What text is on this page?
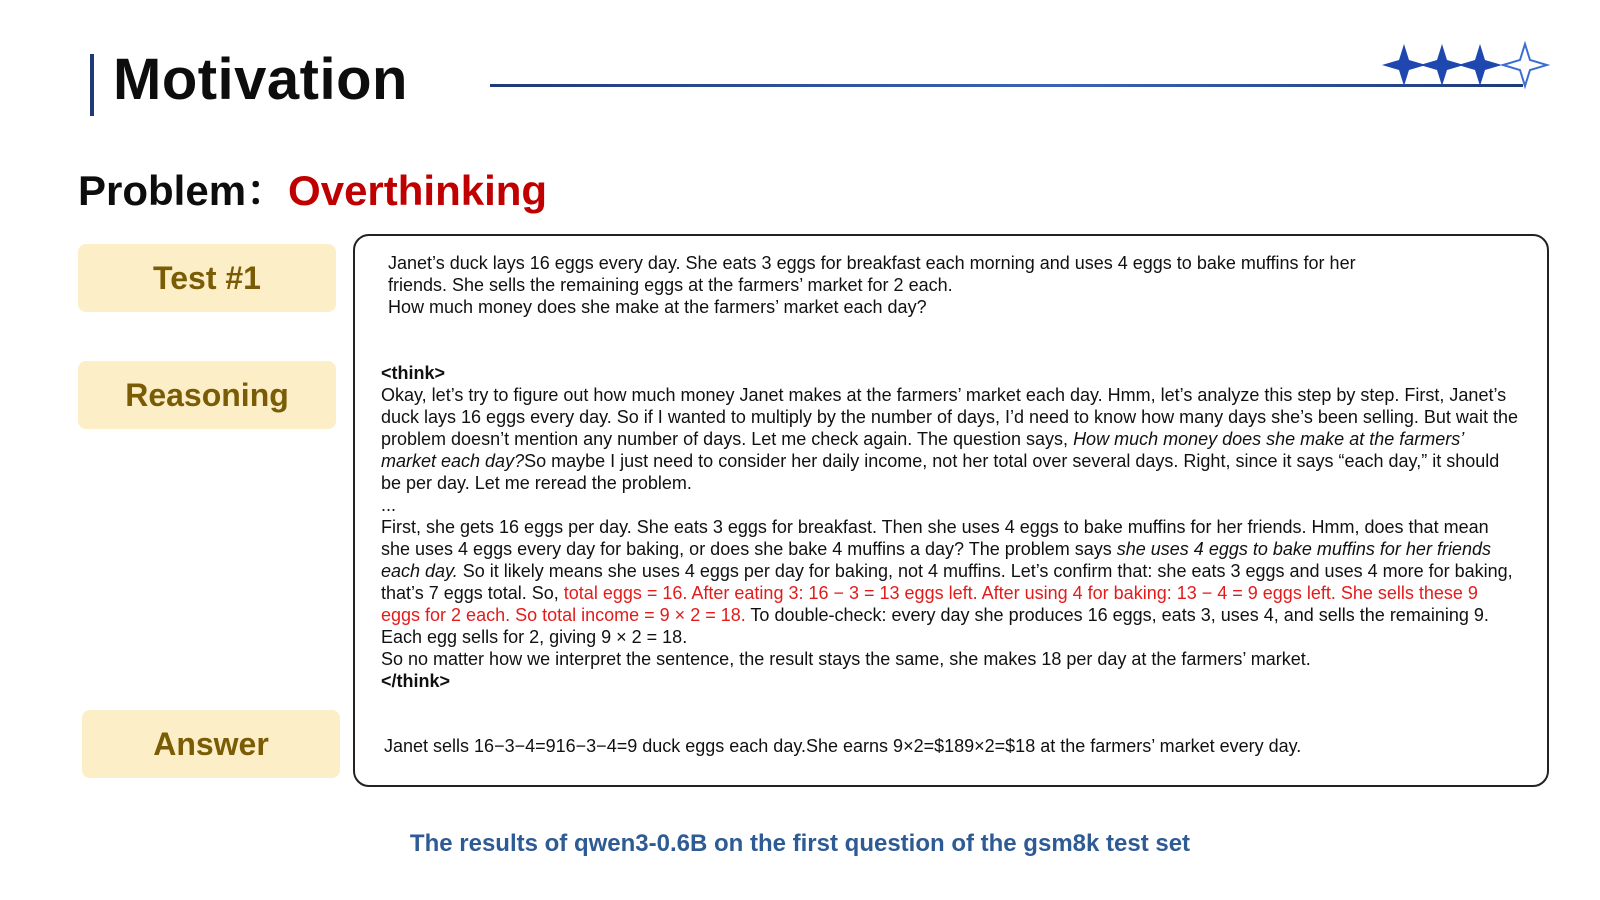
Motivation
Problem：Overthinking
Test #1
Reasoning
Answer
Janet’s duck lays 16 eggs every day. She eats 3 eggs for breakfast each morning and uses 4 eggs to bake muffins for her
friends. She sells the remaining eggs at the farmers’ market for 2 each.
How much money does she make at the farmers’ market each day?
<think>
Okay, let’s try to figure out how much money Janet makes at the farmers’ market each day. Hmm, let’s analyze this step by step. First, Janet’s duck lays 16 eggs every day. So if I wanted to multiply by the number of days, I’d need to know how many days she’s been selling. But wait the problem doesn’t mention any number of days. Let me check again. The question says, How much money does she make at the farmers’ market each day?So maybe I just need to consider her daily income, not her total over several days. Right, since it says “each day,” it should be per day. Let me reread the problem.
...
First, she gets 16 eggs per day. She eats 3 eggs for breakfast. Then she uses 4 eggs to bake muffins for her friends. Hmm, does that mean she uses 4 eggs every day for baking, or does she bake 4 muffins a day? The problem says she uses 4 eggs to bake muffins for her friends each day. So it likely means she uses 4 eggs per day for baking, not 4 muffins. Let’s confirm that: she eats 3 eggs and uses 4 more for baking, that’s 7 eggs total. So, total eggs = 16. After eating 3: 16 − 3 = 13 eggs left. After using 4 for baking: 13 − 4 = 9 eggs left. She sells these 9 eggs for 2 each. So total income = 9 × 2 = 18. To double-check: every day she produces 16 eggs, eats 3, uses 4, and sells the remaining 9. Each egg sells for 2, giving 9 × 2 = 18.
So no matter how we interpret the sentence, the result stays the same, she makes 18 per day at the farmers’ market.
</think>
Janet sells 16−3−4=916−3−4=9 duck eggs each day.She earns 9×2=$189×2=$18 at the farmers’ market every day.
The results of qwen3-0.6B on the first question of the gsm8k test set
